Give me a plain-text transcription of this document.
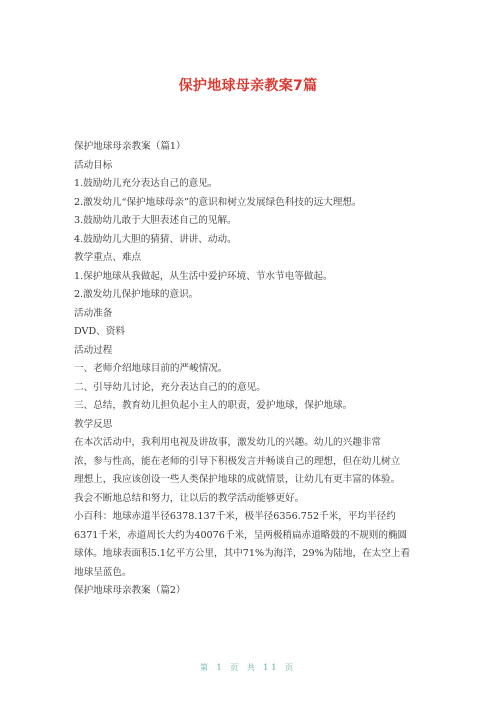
保护地球母亲教案7篇
保护地球母亲教案（篇1）
活动目标
1.鼓励幼儿充分表达自己的意见。
2.激发幼儿“保护地球母亲”的意识和树立发展绿色科技的远大理想。
3.鼓励幼儿敢于大胆表述自己的见解。
4.鼓励幼儿大胆的猜猜、讲讲、动动。
教学重点、难点
1.保护地球从我做起，从生活中爱护环境、节水节电等做起。
2.激发幼儿保护地球的意识。
活动准备
DVD、资料
活动过程
一、老师介绍地球目前的严峻情况。
二、引导幼儿讨论，充分表达自己的的意见。
三、总结，教育幼儿担负起小主人的职责，爱护地球，保护地球。
教学反思
在本次活动中，我利用电视及讲故事，激发幼儿的兴趣。幼儿的兴趣非常
浓，参与性高，能在老师的引导下积极发言并畅谈自己的理想，但在幼儿树立
理想上，我应该创设一些人类保护地球的成就情景，让幼儿有更丰富的体验。
我会不断地总结和努力，让以后的教学活动能够更好。
小百科：地球赤道半径6378.137千米，极半径6356.752千米，平均半径约
6371千米，赤道周长大约为40076千米，呈两极稍扁赤道略鼓的不规则的椭圆
球体。地球表面积5.1亿平方公里，其中71%为海洋，29%为陆地，在太空上看
地球呈蓝色。
保护地球母亲教案（篇2）
第 1 页 共 11 页
